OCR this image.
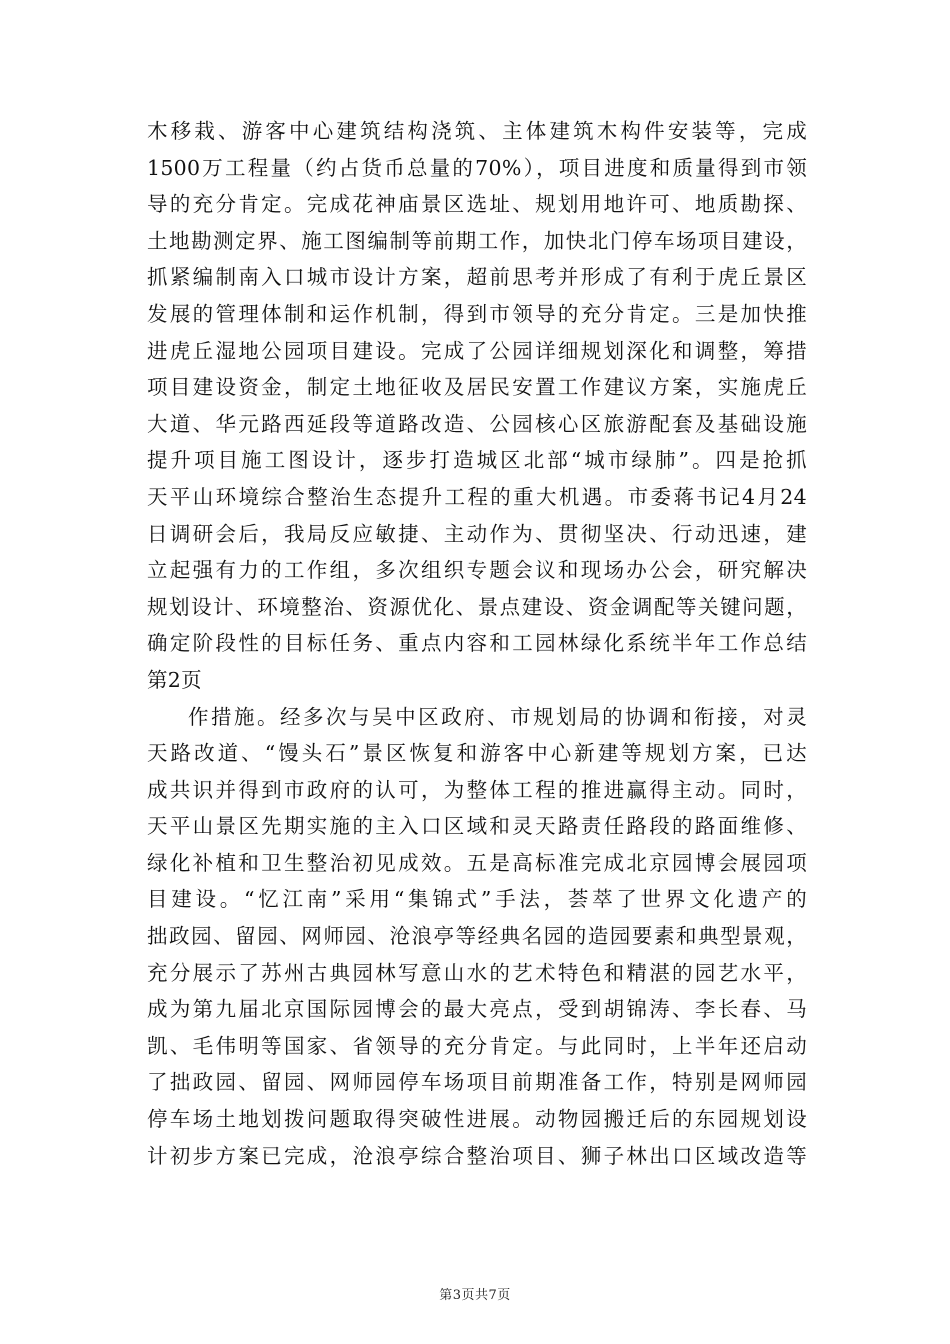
木移栽、游客中心建筑结构浇筑、主体建筑木构件安装等，完成
1500万工程量（约占货币总量的70%），项目进度和质量得到市领
导的充分肯定。完成花神庙景区选址、规划用地许可、地质勘探、
土地勘测定界、施工图编制等前期工作，加快北门停车场项目建设，
抓紧编制南入口城市设计方案，超前思考并形成了有利于虎丘景区
发展的管理体制和运作机制，得到市领导的充分肯定。三是加快推
进虎丘湿地公园项目建设。完成了公园详细规划深化和调整，筹措
项目建设资金，制定土地征收及居民安置工作建议方案，实施虎丘
大道、华元路西延段等道路改造、公园核心区旅游配套及基础设施
提升项目施工图设计，逐步打造城区北部“城市绿肺”。四是抢抓
天平山环境综合整治生态提升工程的重大机遇。市委蒋书记4月24
日调研会后，我局反应敏捷、主动作为、贯彻坚决、行动迅速，建
立起强有力的工作组，多次组织专题会议和现场办公会，研究解决
规划设计、环境整治、资源优化、景点建设、资金调配等关键问题，
确定阶段性的目标任务、重点内容和工园林绿化系统半年工作总结
第2页
作措施。经多次与吴中区政府、市规划局的协调和衔接，对灵
天路改道、“馒头石”景区恢复和游客中心新建等规划方案，已达
成共识并得到市政府的认可，为整体工程的推进赢得主动。同时，
天平山景区先期实施的主入口区域和灵天路责任路段的路面维修、
绿化补植和卫生整治初见成效。五是高标准完成北京园博会展园项
目建设。“忆江南”采用“集锦式”手法，荟萃了世界文化遗产的
拙政园、留园、网师园、沧浪亭等经典名园的造园要素和典型景观，
充分展示了苏州古典园林写意山水的艺术特色和精湛的园艺水平，
成为第九届北京国际园博会的最大亮点，受到胡锦涛、李长春、马
凯、毛伟明等国家、省领导的充分肯定。与此同时，上半年还启动
了拙政园、留园、网师园停车场项目前期准备工作，特别是网师园
停车场土地划拨问题取得突破性进展。动物园搬迁后的东园规划设
计初步方案已完成，沧浪亭综合整治项目、狮子林出口区域改造等
第3页共7页
